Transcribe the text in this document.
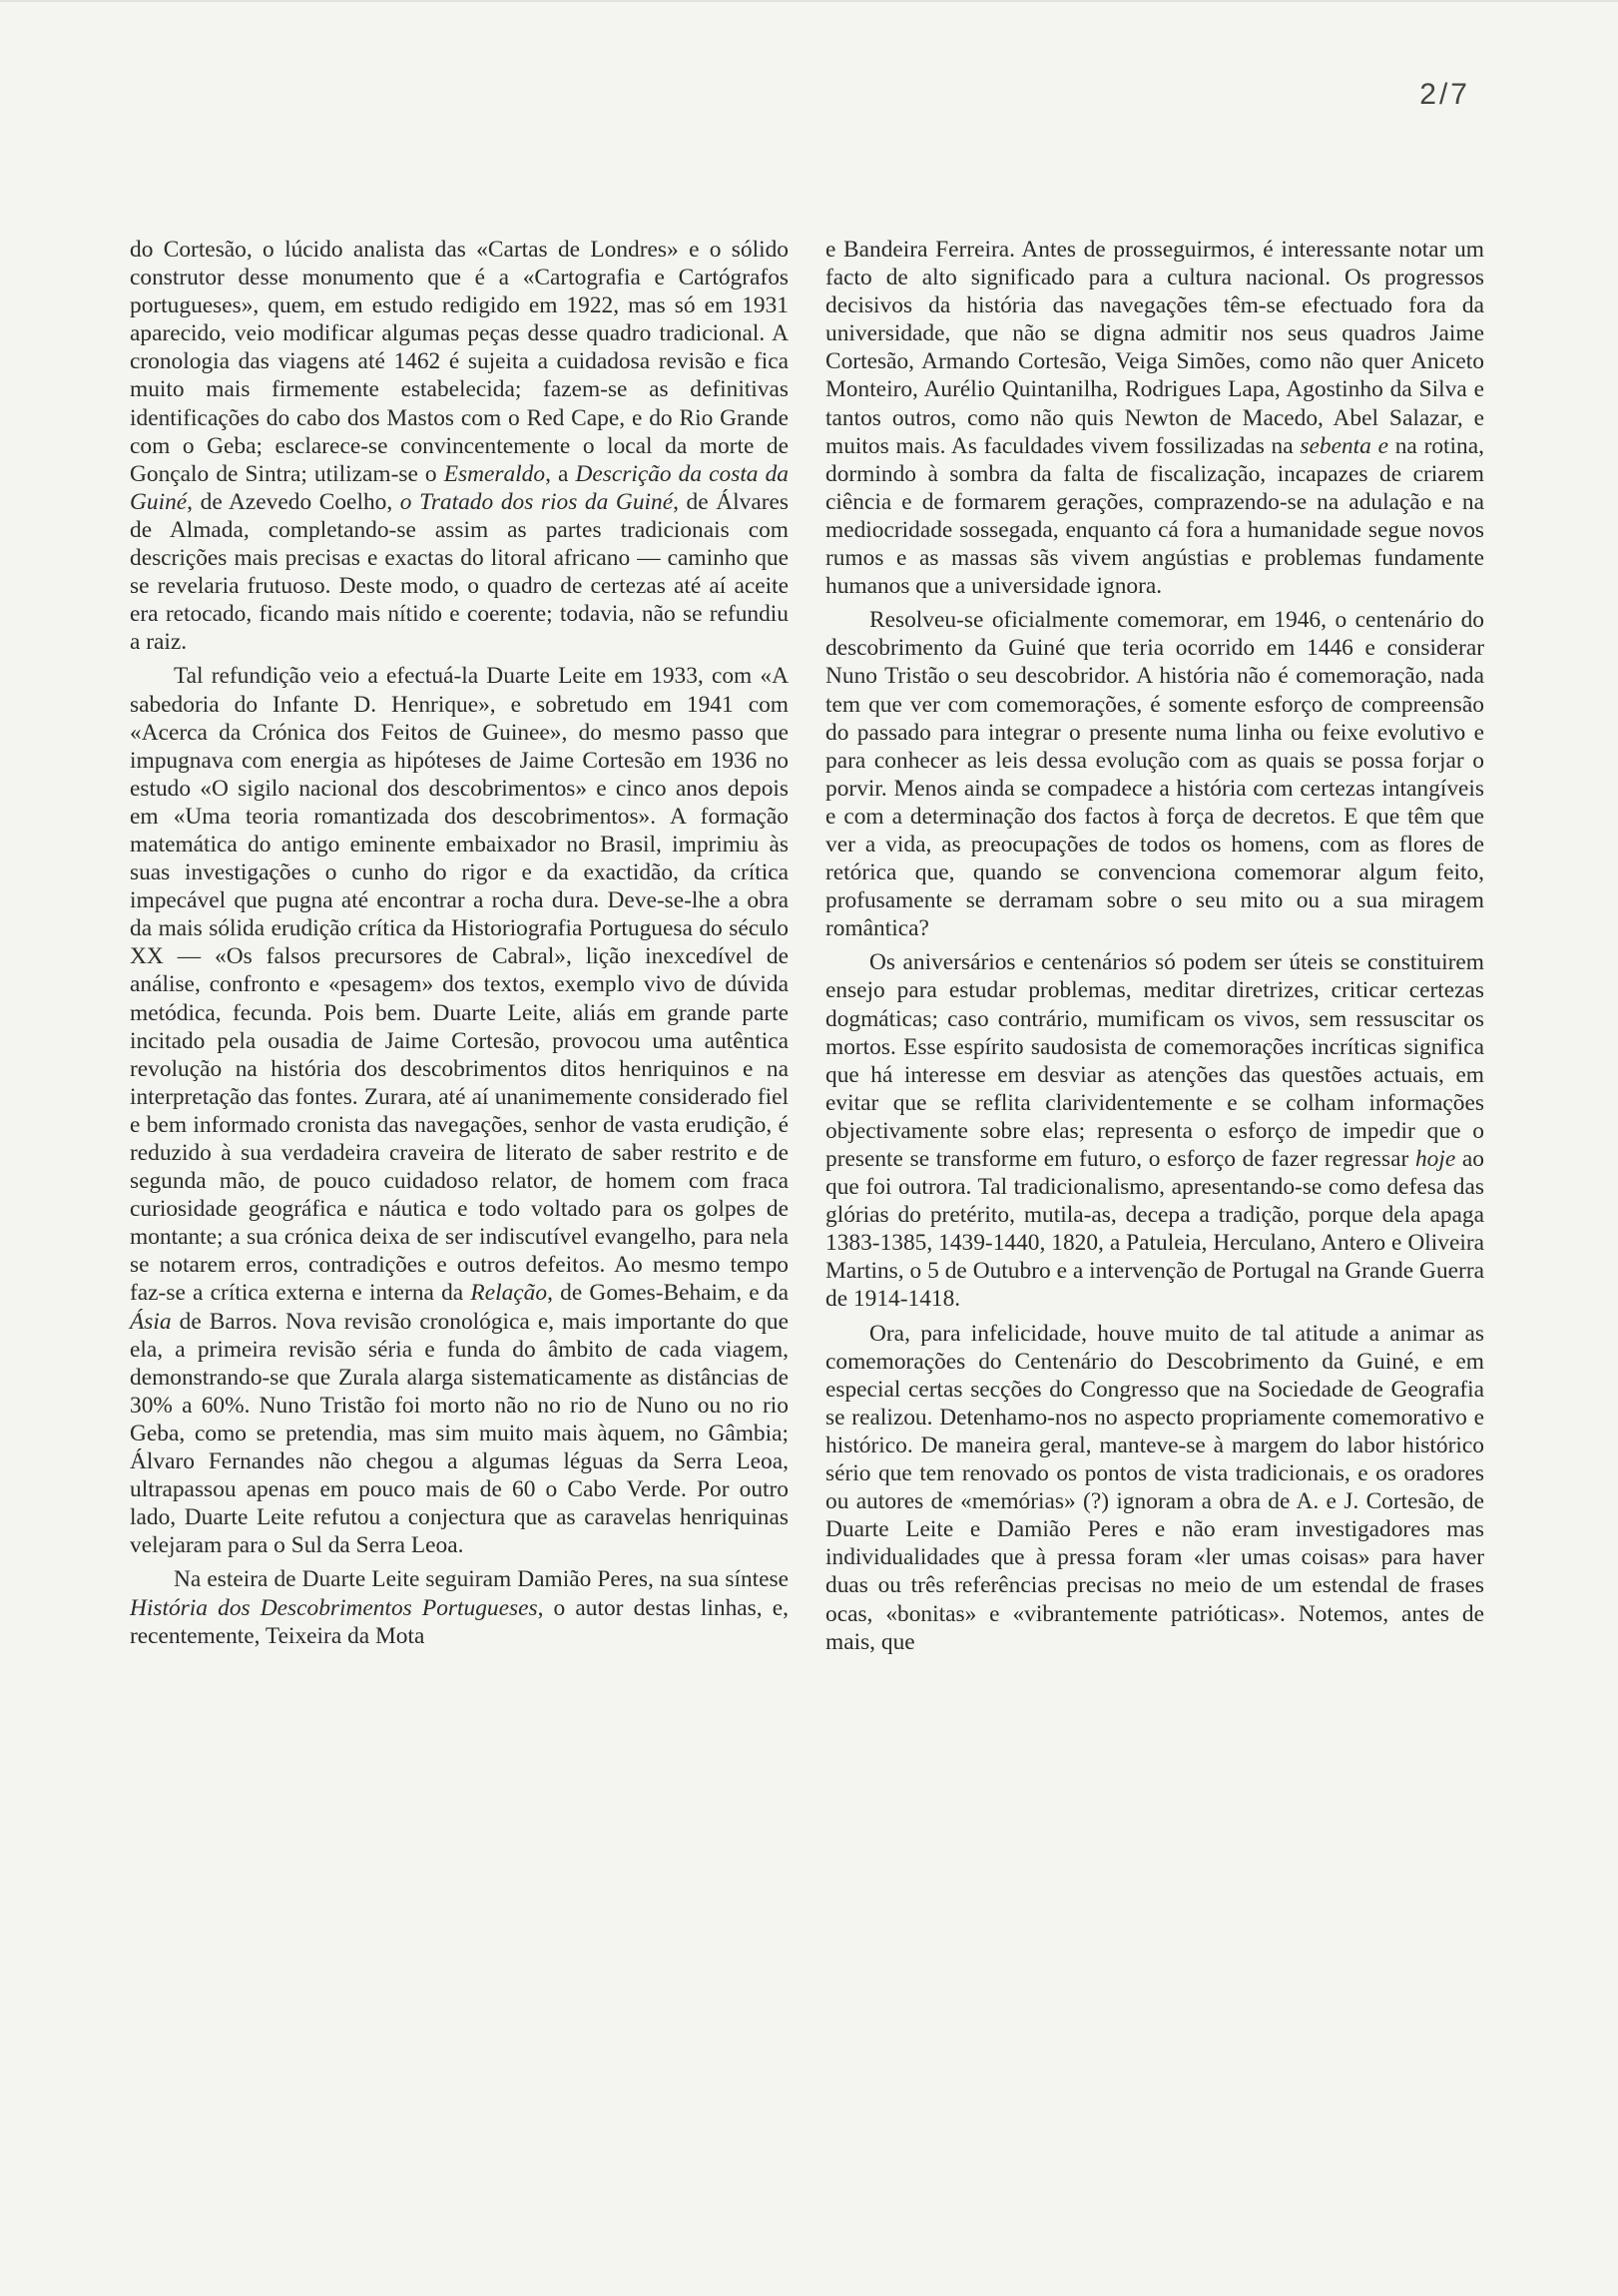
2/7

do Cortesão, o lúcido analista das «Cartas de Londres» e o sólido construtor desse monumento que é a «Cartografia e Cartógrafos portugueses», quem, em estudo redigido em 1922, mas só em 1931 aparecido, veio modificar algumas peças desse quadro tradicional. A cronologia das viagens até 1462 é sujeita a cuidadosa revisão e fica muito mais firmemente estabelecida; fazem-se as definitivas identificações do cabo dos Mastos com o Red Cape, e do Rio Grande com o Geba; esclarece-se convincentemente o local da morte de Gonçalo de Sintra; utilizam-se o Esmeraldo, a Descrição da costa da Guiné, de Azevedo Coelho, o Tratado dos rios da Guiné, de Álvares de Almada, completando-se assim as partes tradicionais com descrições mais precisas e exactas do litoral africano — caminho que se revelaria frutuoso. Deste modo, o quadro de certezas até aí aceite era retocado, ficando mais nítido e coerente; todavia, não se refundiu a raiz.

Tal refundição veio a efectuá-la Duarte Leite em 1933, com «A sabedoria do Infante D. Henrique», e sobretudo em 1941 com «Acerca da Crónica dos Feitos de Guinee», do mesmo passo que impugnava com energia as hipóteses de Jaime Cortesão em 1936 no estudo «O sigilo nacional dos descobrimentos» e cinco anos depois em «Uma teoria romantizada dos descobrimentos». A formação matemática do antigo eminente embaixador no Brasil, imprimiu às suas investigações o cunho do rigor e da exactidão, da crítica impecável que pugna até encontrar a rocha dura. Deve-se-lhe a obra da mais sólida erudição crítica da Historiografia Portuguesa do século XX — «Os falsos precursores de Cabral», lição inexcedível de análise, confronto e «pesagem» dos textos, exemplo vivo de dúvida metódica, fecunda. Pois bem. Duarte Leite, aliás em grande parte incitado pela ousadia de Jaime Cortesão, provocou uma autêntica revolução na história dos descobrimentos ditos henriquinos e na interpretação das fontes. Zurara, até aí unanimemente considerado fiel e bem informado cronista das navegações, senhor de vasta erudição, é reduzido à sua verdadeira craveira de literato de saber restrito e de segunda mão, de pouco cuidadoso relator, de homem com fraca curiosidade geográfica e náutica e todo voltado para os golpes de montante; a sua crónica deixa de ser indiscutível evangelho, para nela se notarem erros, contradições e outros defeitos. Ao mesmo tempo faz-se a crítica externa e interna da Relação, de Gomes-Behaim, e da Ásia de Barros. Nova revisão cronológica e, mais importante do que ela, a primeira revisão séria e funda do âmbito de cada viagem, demonstrando-se que Zurala alarga sistematicamente as distâncias de 30% a 60%. Nuno Tristão foi morto não no rio de Nuno ou no rio Geba, como se pretendia, mas sim muito mais àquem, no Gâmbia; Álvaro Fernandes não chegou a algumas léguas da Serra Leoa, ultrapassou apenas em pouco mais de 60 o Cabo Verde. Por outro lado, Duarte Leite refutou a conjectura que as caravelas henriquinas velejaram para o Sul da Serra Leoa.

Na esteira de Duarte Leite seguiram Damião Peres, na sua síntese História dos Descobrimentos Portugueses, o autor destas linhas, e, recentemente, Teixeira da Mota

e Bandeira Ferreira. Antes de prosseguirmos, é interessante notar um facto de alto significado para a cultura nacional. Os progressos decisivos da história das navegações têm-se efectuado fora da universidade, que não se digna admitir nos seus quadros Jaime Cortesão, Armando Cortesão, Veiga Simões, como não quer Aniceto Monteiro, Aurélio Quintanilha, Rodrigues Lapa, Agostinho da Silva e tantos outros, como não quis Newton de Macedo, Abel Salazar, e muitos mais. As faculdades vivem fossilizadas na sebenta e na rotina, dormindo à sombra da falta de fiscalização, incapazes de criarem ciência e de formarem gerações, comprazendo-se na adulação e na mediocridade sossegada, enquanto cá fora a humanidade segue novos rumos e as massas sãs vivem angústias e problemas fundamente humanos que a universidade ignora.

Resolveu-se oficialmente comemorar, em 1946, o centenário do descobrimento da Guiné que teria ocorrido em 1446 e considerar Nuno Tristão o seu descobridor. A história não é comemoração, nada tem que ver com comemorações, é somente esforço de compreensão do passado para integrar o presente numa linha ou feixe evolutivo e para conhecer as leis dessa evolução com as quais se possa forjar o porvir. Menos ainda se compadece a história com certezas intangíveis e com a determinação dos factos à força de decretos. E que têm que ver a vida, as preocupações de todos os homens, com as flores de retórica que, quando se convenciona comemorar algum feito, profusamente se derramam sobre o seu mito ou a sua miragem romântica?

Os aniversários e centenários só podem ser úteis se constituirem ensejo para estudar problemas, meditar diretrizes, criticar certezas dogmáticas; caso contrário, mumificam os vivos, sem ressuscitar os mortos. Esse espírito saudosista de comemorações incríticas significa que há interesse em desviar as atenções das questões actuais, em evitar que se reflita clarividentemente e se colham informações objectivamente sobre elas; representa o esforço de impedir que o presente se transforme em futuro, o esforço de fazer regressar hoje ao que foi outrora. Tal tradicionalismo, apresentando-se como defesa das glórias do pretérito, mutila-as, decepa a tradição, porque dela apaga 1383-1385, 1439-1440, 1820, a Patuleia, Herculano, Antero e Oliveira Martins, o 5 de Outubro e a intervenção de Portugal na Grande Guerra de 1914-1418.

Ora, para infelicidade, houve muito de tal atitude a animar as comemorações do Centenário do Descobrimento da Guiné, e em especial certas secções do Congresso que na Sociedade de Geografia se realizou. Detenhamo-nos no aspecto propriamente comemorativo e histórico. De maneira geral, manteve-se à margem do labor histórico sério que tem renovado os pontos de vista tradicionais, e os oradores ou autores de «memórias» (?) ignoram a obra de A. e J. Cortesão, de Duarte Leite e Damião Peres e não eram investigadores mas individualidades que à pressa foram «ler umas coisas» para haver duas ou três referências precisas no meio de um estendal de frases ocas, «bonitas» e «vibrantemente patrióticas». Notemos, antes de mais, que
